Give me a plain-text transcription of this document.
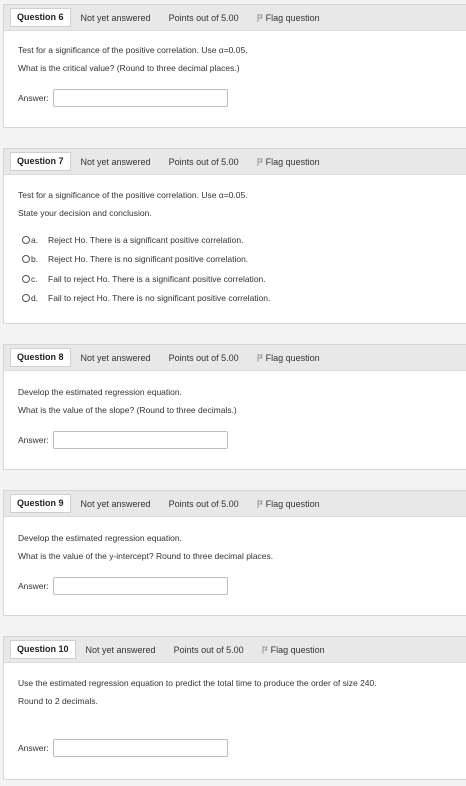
Question 6	Not yet answered Points out of 5.00	Flag question
Test for a significance of the positive correlation. Use α=0.05.
What is the critical value? (Round to three decimal places.)
Answer:
Question 7	Not yet answered Points out of 5.00	Flag question
Test for a significance of the positive correlation. Use α=0.05.
State your decision and conclusion.
a.	Reject Ho. There is a significant positive correlation.
b.	Reject Ho. There is no significant positive correlation.
c.	Fail to reject Ho. There is a significant positive correlation.
d.	Fail to reject Ho. There is no significant positive correlation.
Question 8	Not yet answered Points out of 5.00	Flag question
Develop the estimated regression equation.
What is the value of the slope? (Round to three decimals.)
Answer:
Question 9	Not yet answered Points out of 5.00	Flag question
Develop the estimated regression equation.
What is the value of the y-intercept? Round to three decimal places.
Answer:
Question 10	Not yet answered Points out of 5.00	Flag question
Use the estimated regression equation to predict the total time to produce the order of size 240.
Round to 2 decimals.
Answer:
